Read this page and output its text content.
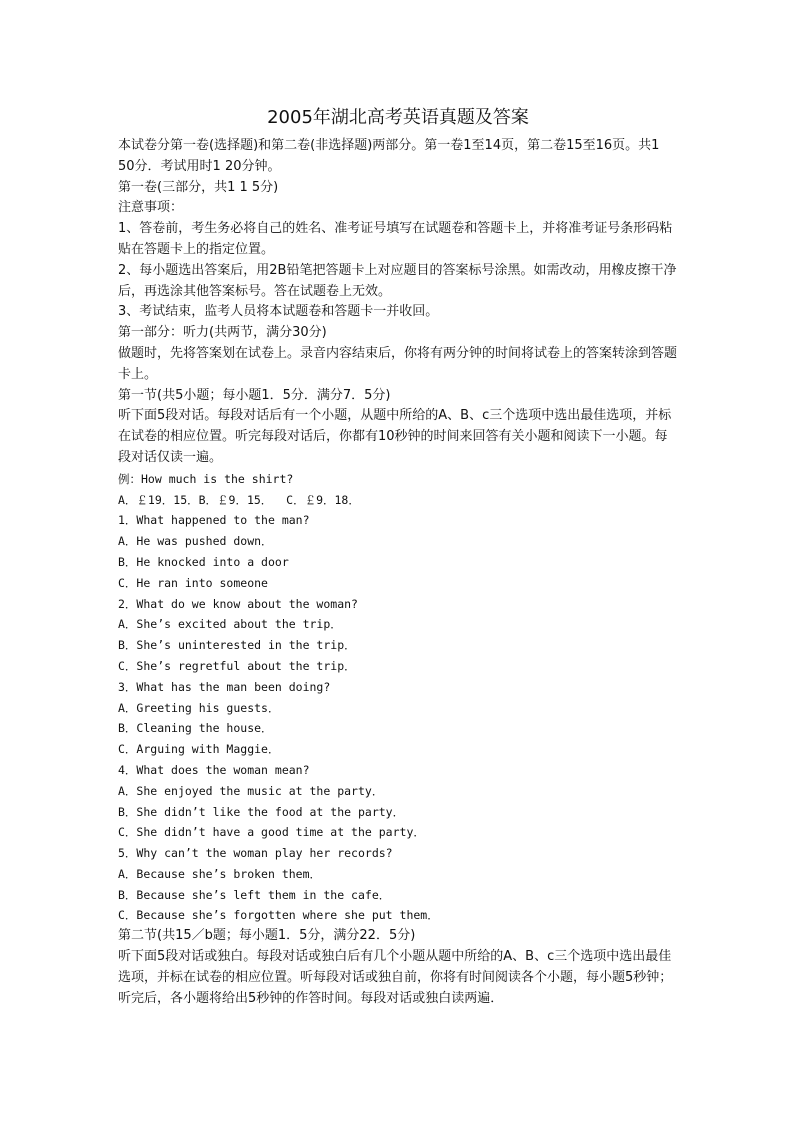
2005年湖北高考英语真题及答案

本试卷分第一卷(选择题)和第二卷(非选择题)两部分。第一卷1至14页，第二卷15至16页。共1 50分．考试用时1 20分钟。

第一卷(三部分，共1 1 5分)

注意事项：

1、答卷前，考生务必将自己的姓名、准考证号填写在试题卷和答题卡上，并将准考证号条形码粘贴在答题卡上的指定位置。

2、每小题选出答案后，用2B铅笔把答题卡上对应题目的答案标号涂黑。如需改动，用橡皮擦干净后，再选涂其他答案标号。答在试题卷上无效。

3、考试结束，监考人员将本试题卷和答题卡一并收回。

第一部分：听力(共两节，满分30分)

做题时，先将答案划在试卷上。录音内容结束后，你将有两分钟的时间将试卷上的答案转涂到答题卡上。

第一节(共5小题；每小题1．5分．满分7．5分)

听下面5段对话。每段对话后有一个小题，从题中所给的A、B、c三个选项中选出最佳选项，并标在试卷的相应位置。听完每段对话后，你都有10秒钟的时间来回答有关小题和阅读下一小题。每段对话仅读一遍。

例：How much is the shirt?

A．￡19．15．B．￡9．15．  C．￡9．18．

1．What happened to the man?

A．He was pushed down．

B．He knocked into a door

C．He ran into someone

2．What do we know about the woman?

A．She’s excited about the trip．

B．She’s uninterested in the trip．

C．She’s regretful about the trip．

3．What has the man been doing?

A．Greeting his guests．

B．Cleaning the house．

C．Arguing with Maggie．

4．What does the woman mean?

A．She enjoyed the music at the party．

B．She didn’t like the food at the party．

C．She didn’t have a good time at the party．

5．Why can’t the woman play her records?

A．Because she’s broken them．

B．Because she’s left them in the cafe．

C．Because she’s forgotten where she put them．

第二节(共15／b题；每小题1．5分，满分22．5分)

听下面5段对话或独白。每段对话或独白后有几个小题从题中所给的A、B、c三个选项中选出最佳选项，并标在试卷的相应位置。听每段对话或独自前，你将有时间阅读各个小题，每小题5秒钟；听完后，各小题将给出5秒钟的作答时间。每段对话或独白读两遍．
